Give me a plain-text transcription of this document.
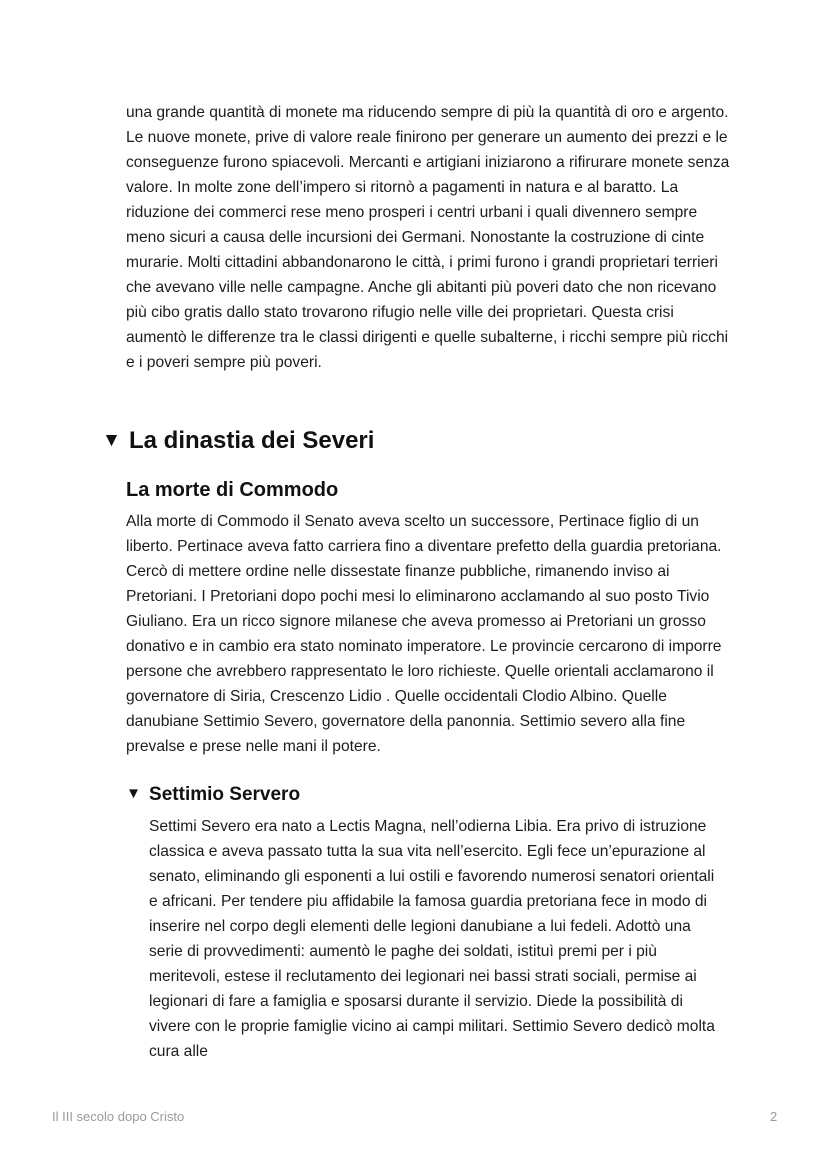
una grande quantità di monete ma riducendo sempre di più la quantità di oro e argento. Le nuove monete, prive di valore reale finirono per generare un aumento dei prezzi e le conseguenze furono spiacevoli. Mercanti e artigiani iniziarono a rifirurare monete senza valore. In molte zone dell’impero si ritornò a pagamenti in natura e al baratto. La riduzione dei commerci rese meno prosperi i centri urbani i quali divennero sempre meno sicuri a causa delle incursioni dei Germani. Nonostante la costruzione di cinte murarie. Molti cittadini abbandonarono le città, i primi furono i grandi proprietari terrieri che avevano ville nelle campagne. Anche gli abitanti più poveri dato che non ricevano più cibo gratis dallo stato trovarono rifugio nelle ville dei proprietari. Questa crisi aumentò le differenze tra le classi dirigenti e quelle subalterne, i ricchi sempre più ricchi e i poveri sempre più poveri.

▼ La dinastia dei Severi
La morte di Commodo

Alla morte di Commodo il Senato aveva scelto un successore, Pertinace figlio di un liberto. Pertinace aveva fatto carriera fino a diventare prefetto della guardia pretoriana. Cercò di mettere ordine nelle dissestate finanze pubbliche, rimanendo inviso ai Pretoriani. I Pretoriani dopo pochi mesi lo eliminarono acclamando al suo posto Tivio Giuliano. Era un ricco signore milanese che aveva promesso ai Pretoriani un grosso donativo e in cambio era stato nominato imperatore. Le provincie cercarono di imporre persone che avrebbero rappresentato le loro richieste. Quelle orientali acclamarono il governatore di Siria, Crescenzo Lidio . Quelle occidentali Clodio Albino. Quelle danubiane Settimio Severo, governatore della panonnia. Settimio severo alla fine prevalse e prese nelle mani il potere.

▼ Settimio Servero

Settimi Severo era nato a Lectis Magna, nell’odierna Libia. Era privo di istruzione classica e aveva passato tutta la sua vita nell’esercito. Egli fece un’epurazione al senato, eliminando gli esponenti a lui ostili e favorendo numerosi senatori orientali e africani. Per tendere piu affidabile la famosa guardia pretoriana fece in modo di inserire nel corpo degli elementi delle legioni danubiane a lui fedeli. Adottò una serie di provvedimenti: aumentò le paghe dei soldati, istituì premi per i più meritevoli, estese il reclutamento dei legionari nei bassi strati sociali, permise ai legionari di fare a famiglia e sposarsi durante il servizio. Diede la possibilità di vivere con le proprie famiglie vicino ai campi militari. Settimio Severo dedicò molta cura alle

Il III secolo dopo Cristo	2
